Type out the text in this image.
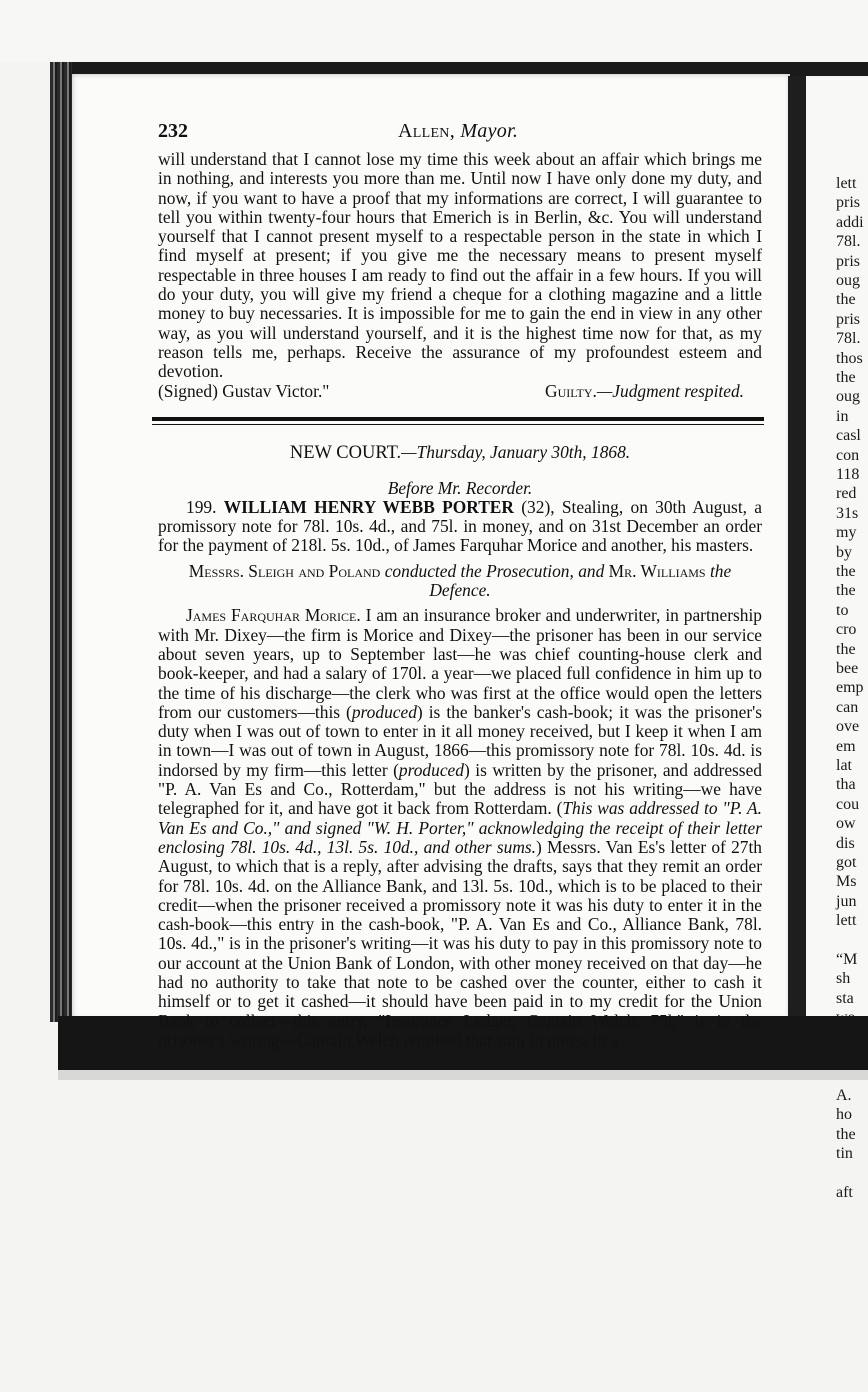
lett
pris
addi
78l.
pris
oug
the
pris
78l.
thos
the
oug
in
casl
con
118
red
31s
my
by
the
the
to
cro
the
bee
emp
can
ove
em
lat
tha
cou
ow
dis
got
Ms
jun
lett
“M
sh
sta
A.
ho
the
tin
aft
232	Allen, Mayor.

will understand that I cannot lose my time this week about an affair which brings me in nothing, and interests you more than me. Until now I have only done my duty, and now, if you want to have a proof that my informations are correct, I will guarantee to tell you within twenty-four hours that Emerich is in Berlin, &c. You will understand yourself that I cannot present myself to a respectable person in the state in which I find myself at present; if you give me the necessary means to present myself respectable in three houses I am ready to find out the affair in a few hours. If you will do your duty, you will give my friend a cheque for a clothing magazine and a little money to buy necessaries. It is impossible for me to gain the end in view in any other way, as you will understand yourself, and it is the highest time now for that, as my reason tells me, perhaps. Receive the assurance of my profoundest esteem and devotion.

(Signed) Gustav Victor."	Guilty.—Judgment respited.
NEW COURT.—Thursday, January 30th, 1868.
Before Mr. Recorder.

199. WILLIAM HENRY WEBB PORTER (32), Stealing, on 30th August, a promissory note for 78l. 10s. 4d., and 75l. in money, and on 31st December an order for the payment of 218l. 5s. 10d., of James Farquhar Morice and another, his masters.

Messrs. Sleigh and Poland conducted the Prosecution, and Mr. Williams the Defence.

James Farquhar Morice. I am an insurance broker and underwriter, in partnership with Mr. Dixey—the firm is Morice and Dixey—the prisoner has been in our service about seven years, up to September last—he was chief counting-house clerk and book-keeper, and had a salary of 170l. a year—we placed full confidence in him up to the time of his discharge—the clerk who was first at the office would open the letters from our customers—this (produced) is the banker's cash-book; it was the prisoner's duty when I was out of town to enter in it all money received, but I keep it when I am in town—I was out of town in August, 1866—this promissory note for 78l. 10s. 4d. is indorsed by my firm—this letter (produced) is written by the prisoner, and addressed "P. A. Van Es and Co., Rotterdam," but the address is not his writing—we have telegraphed for it, and have got it back from Rotterdam. (This was addressed to "P. A. Van Es and Co.," and signed "W. H. Porter," acknowledging the receipt of their letter enclosing 78l. 10s. 4d., 13l. 5s. 10d., and other sums.) Messrs. Van Es's letter of 27th August, to which that is a reply, after advising the drafts, says that they remit an order for 78l. 10s. 4d. on the Alliance Bank, and 13l. 5s. 10d., which is to be placed to their credit—when the prisoner received a promissory note it was his duty to enter it in the cash-book—this entry in the cash-book, "P. A. Van Es and Co., Alliance Bank, 78l. 10s. 4d.," is in the prisoner's writing—it was his duty to pay in this promissory note to our account at the Union Bank of London, with other money received on that day—he had no authority to take that note to be cashed over the counter, either to cash it himself or to get it cashed—it should have been paid in to my credit for the Union Bank to collect—this entry, "Insurance Ledger, Captain Welch, 75l," is in the prisoner's writing—Captain Welch remitted that sum in notes, in a
